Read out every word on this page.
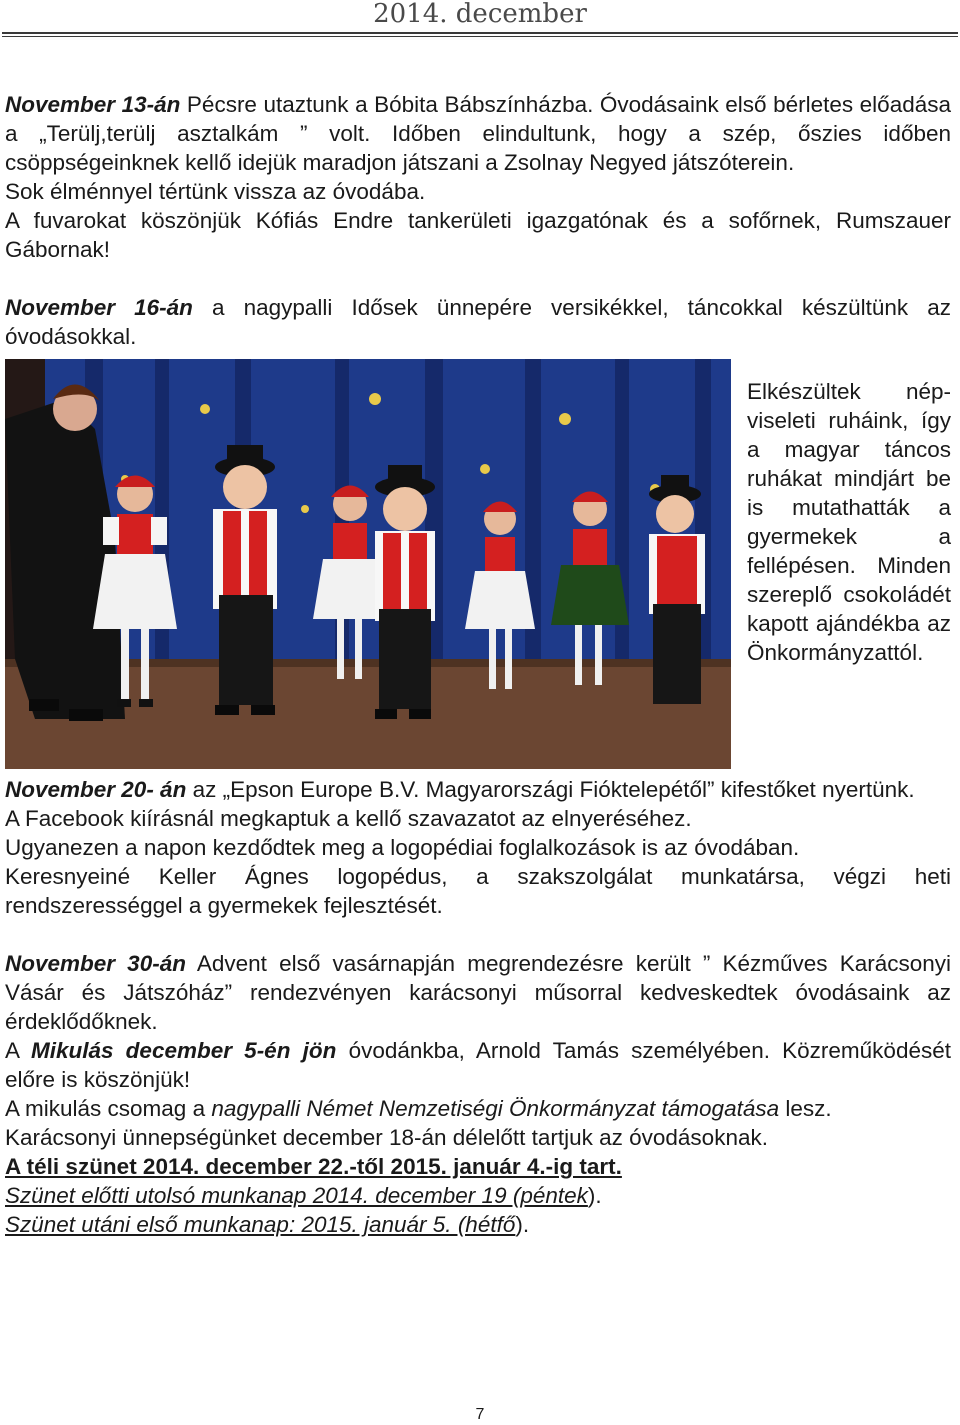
2014. december

November 13-án Pécsre utaztunk a Bóbita Bábszínházba. Óvodásaink első bérletes előadása a „Terülj,terülj asztalkám ” volt. Időben elindultunk, hogy a szép, őszies időben csöppségeinknek kellő idejük maradjon játszani a Zsolnay Negyed játszóterein.

Sok élménnyel tértünk vissza az óvodába.

A fuvarokat köszönjük Kófiás Endre tankerületi igazgatónak és a sofőrnek, Rumszauer Gábornak!

November 16-án a nagypalli Idősek ünnepére versikékkel, táncokkal készültünk az óvodásokkal.

Elkészültek nép-viseleti ruháink, így a magyar táncos ruhákat mindjárt be is mutathatták a gyermekek a fellépésen. Minden szereplő csokoládét kapott ajándékba az Önkormányzattól.

November 20- án az „Epson Europe B.V. Magyarországi Fióktelepétől” kifestőket nyertünk.

A Facebook kiírásnál megkaptuk a kellő szavazatot az elnyeréséhez.

Ugyanezen a napon kezdődtek meg a logopédiai foglalkozások is az óvodában.

Keresnyeiné Keller Ágnes logopédus, a szakszolgálat munkatársa, végzi heti rendszerességgel a gyermekek fejlesztését.

November 30-án Advent első vasárnapján megrendezésre került ” Kézműves Karácsonyi Vásár és Játszóház” rendezvényen karácsonyi műsorral kedveskedtek óvodásaink az érdeklődőknek.

A Mikulás december 5-én jön óvodánkba, Arnold Tamás személyében. Közreműködését előre is köszönjük!

A mikulás csomag a nagypalli Német Nemzetiségi Önkormányzat támogatása lesz.

Karácsonyi ünnepségünket december 18-án délelőtt tartjuk az óvodásoknak.

A téli szünet 2014. december 22.-től 2015. január 4.-ig tart.

Szünet előtti utolsó munkanap 2014. december 19 (péntek).

Szünet utáni első munkanap: 2015. január 5. (hétfő).

7
